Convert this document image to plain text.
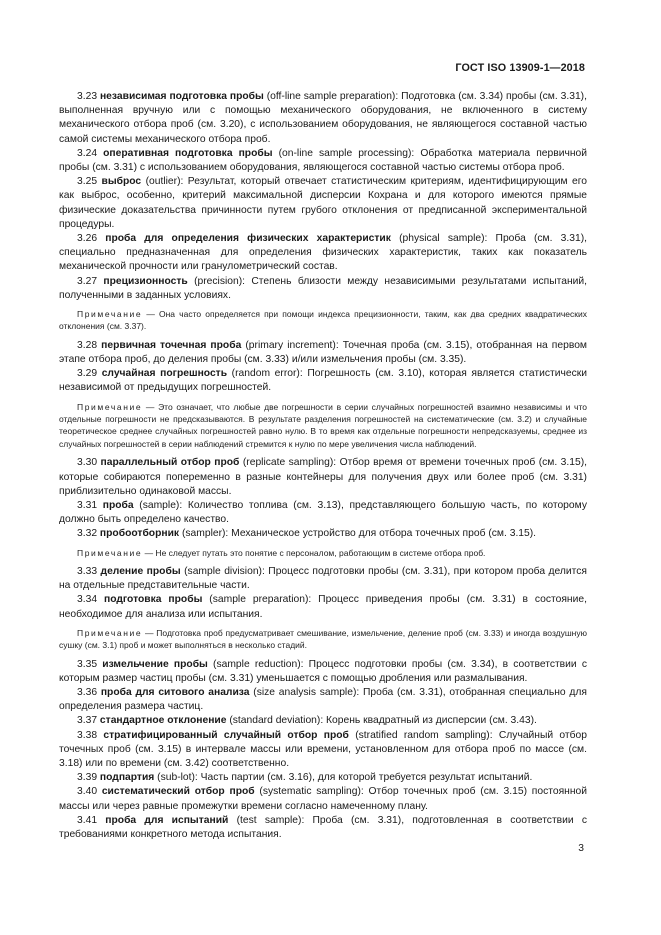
ГОСТ ISO 13909-1—2018

3.23 независимая подготовка пробы (off-line sample preparation): Подготовка (см. 3.34) пробы (см. 3.31), выполненная вручную или с помощью механического оборудования, не включенного в систему механического отбора проб (см. 3.20), с использованием оборудования, не являющегося составной частью самой системы механического отбора проб.

3.24 оперативная подготовка пробы (on-line sample processing): Обработка материала первичной пробы (см. 3.31) с использованием оборудования, являющегося составной частью системы отбора проб.

3.25 выброс (outlier): Результат, который отвечает статистическим критериям, идентифицирующим его как выброс, особенно, критерий максимальной дисперсии Кохрана и для которого имеются прямые физические доказательства причинности путем грубого отклонения от предписанной экспериментальной процедуры.

3.26 проба для определения физических характеристик (physical sample): Проба (см. 3.31), специально предназначенная для определения физических характеристик, таких как показатель механической прочности или гранулометрический состав.

3.27 прецизионность (precision): Степень близости между независимыми результатами испытаний, полученными в заданных условиях.

Примечание — Она часто определяется при помощи индекса прецизионности, таким, как два средних квадратических отклонения (см. 3.37).

3.28 первичная точечная проба (primary increment): Точечная проба (см. 3.15), отобранная на первом этапе отбора проб, до деления пробы (см. 3.33) и/или измельчения пробы (см. 3.35).

3.29 случайная погрешность (random error): Погрешность (см. 3.10), которая является статистически независимой от предыдущих погрешностей.

Примечание — Это означает, что любые две погрешности в серии случайных погрешностей взаимно независимы и что отдельные погрешности не предсказываются. В результате разделения погрешностей на систематические (см. 3.2) и случайные теоретическое среднее случайных погрешностей равно нулю. В то время как отдельные погрешности непредсказуемы, среднее из случайных погрешностей в серии наблюдений стремится к нулю по мере увеличения числа наблюдений.

3.30 параллельный отбор проб (replicate sampling): Отбор время от времени точечных проб (см. 3.15), которые собираются попеременно в разные контейнеры для получения двух или более проб (см. 3.31) приблизительно одинаковой массы.

3.31 проба (sample): Количество топлива (см. 3.13), представляющего большую часть, по которому должно быть определено качество.

3.32 пробоотборник (sampler): Механическое устройство для отбора точечных проб (см. 3.15).

Примечание — Не следует путать это понятие с персоналом, работающим в системе отбора проб.

3.33 деление пробы (sample division): Процесс подготовки пробы (см. 3.31), при котором проба делится на отдельные представительные части.

3.34 подготовка пробы (sample preparation): Процесс приведения пробы (см. 3.31) в состояние, необходимое для анализа или испытания.

Примечание — Подготовка проб предусматривает смешивание, измельчение, деление проб (см. 3.33) и иногда воздушную сушку (см. 3.1) проб и может выполняться в несколько стадий.

3.35 измельчение пробы (sample reduction): Процесс подготовки пробы (см. 3.34), в соответствии с которым размер частиц пробы (см. 3.31) уменьшается с помощью дробления или размалывания.

3.36 проба для ситового анализа (size analysis sample): Проба (см. 3.31), отобранная специально для определения размера частиц.

3.37 стандартное отклонение (standard deviation): Корень квадратный из дисперсии (см. 3.43).

3.38 стратифицированный случайный отбор проб (stratified random sampling): Случайный отбор точечных проб (см. 3.15) в интервале массы или времени, установленном для отбора проб по массе (см. 3.18) или по времени (см. 3.42) соответственно.

3.39 подпартия (sub-lot): Часть партии (см. 3.16), для которой требуется результат испытаний.

3.40 систематический отбор проб (systematic sampling): Отбор точечных проб (см. 3.15) постоянной массы или через равные промежутки времени согласно намеченному плану.

3.41 проба для испытаний (test sample): Проба (см. 3.31), подготовленная в соответствии с требованиями конкретного метода испытания.

3
